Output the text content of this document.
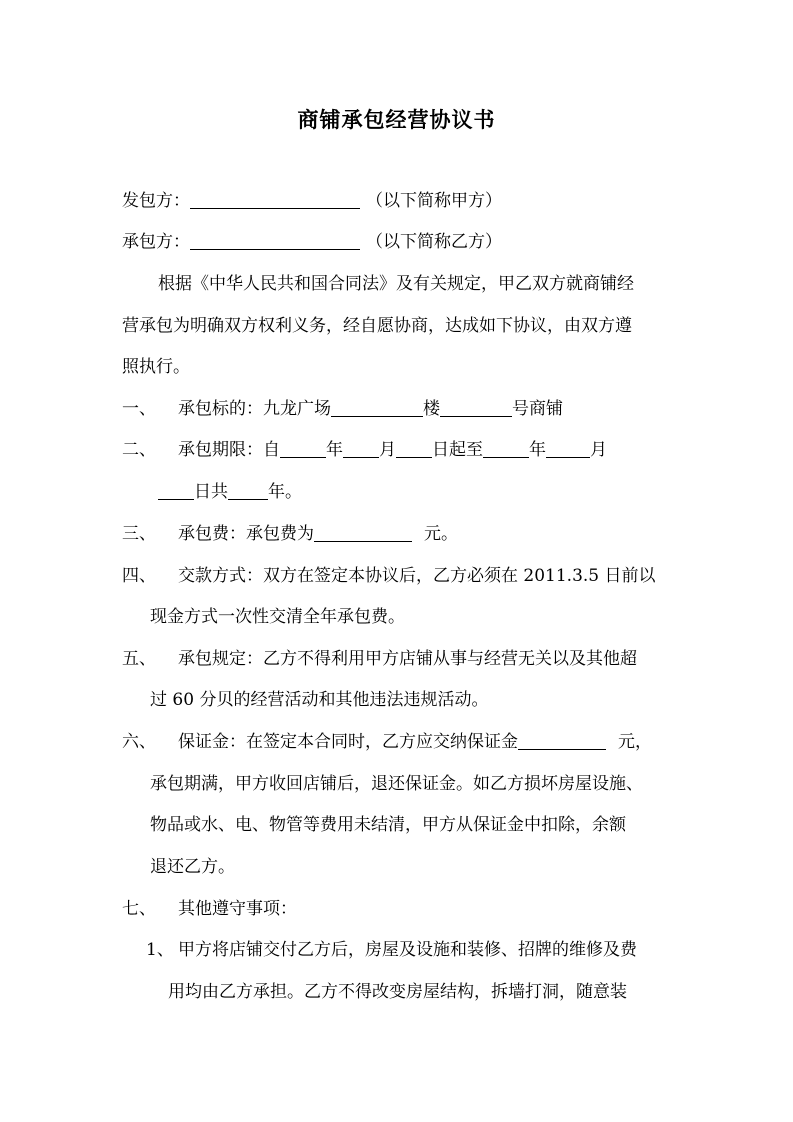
商铺承包经营协议书
发包方：	（以下简称甲方）
承包方：	（以下简称乙方）
根据《中华人民共和国合同法》及有关规定，甲乙双方就商铺经
营承包为明确双方权利义务，经自愿协商，达成如下协议，由双方遵
照执行。
一、 承包标的：九龙广场	楼	号商铺
二、 承包期限：自	年 月 日起至	年	月
日共 年。
三、 承包费：承包费为	元。
四、 交款方式：双方在签定本协议后，乙方必须在 2011.3.5 日前以
现金方式一次性交清全年承包费。
五、 承包规定：乙方不得利用甲方店铺从事与经营无关以及其他超
过 60 分贝的经营活动和其他违法违规活动。
六、 保证金：在签定本合同时，乙方应交纳保证金	元，
承包期满，甲方收回店铺后，退还保证金。如乙方损坏房屋设施、
物品或水、电、物管等费用未结清，甲方从保证金中扣除，余额
退还乙方。
七、 其他遵守事项：
1、 甲方将店铺交付乙方后，房屋及设施和装修、招牌的维修及费
用均由乙方承担。乙方不得改变房屋结构，拆墙打洞，随意装
